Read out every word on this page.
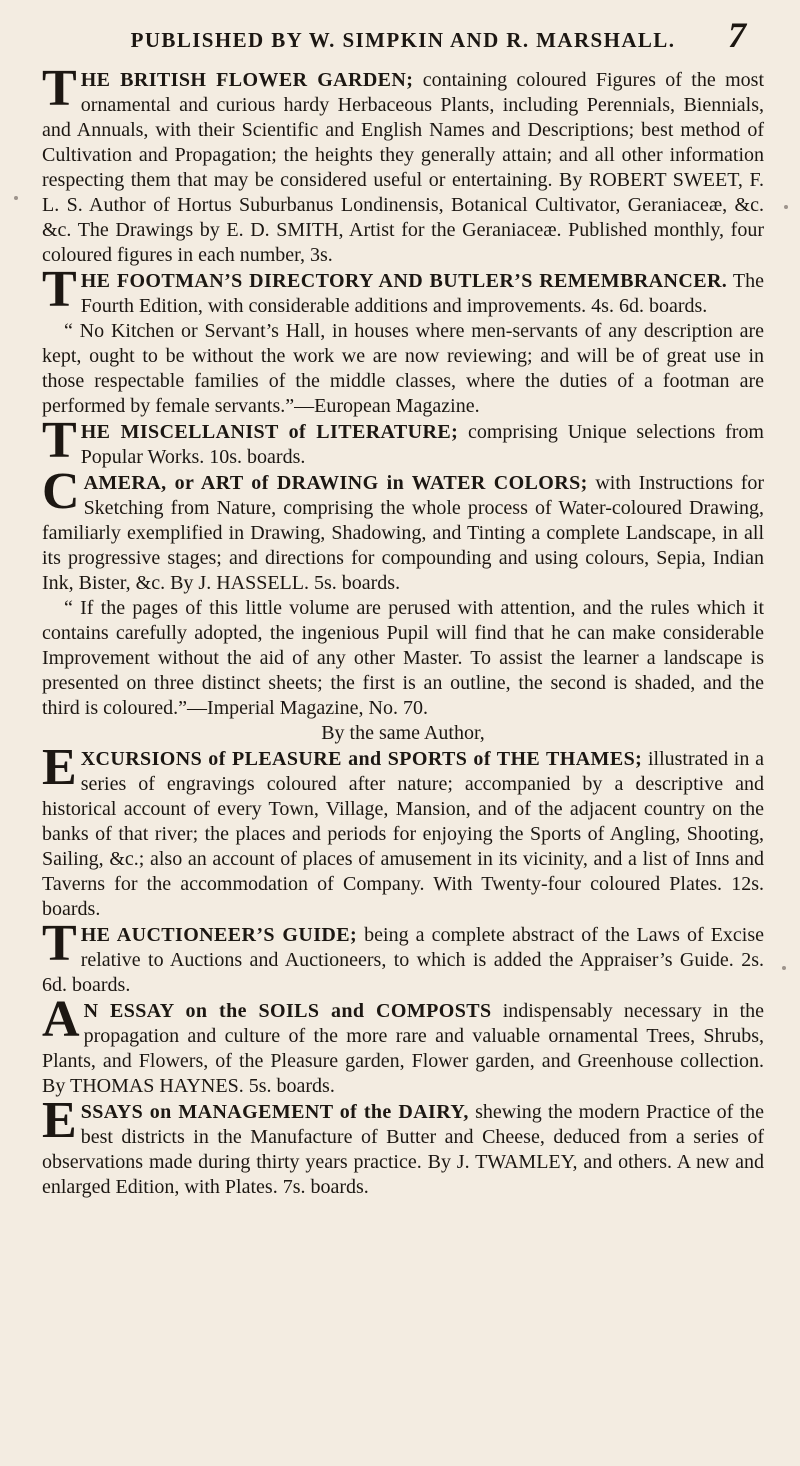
PUBLISHED BY W. SIMPKIN AND R. MARSHALL.	7

T HE BRITISH FLOWER GARDEN; containing coloured Figures of the most ornamental and curious hardy Herbaceous Plants, including Perennials, Biennials, and Annuals, with their Scientific and English Names and Descriptions; best method of Cultivation and Propagation; the heights they generally attain; and all other information respecting them that may be considered useful or entertaining. By ROBERT SWEET, F. L. S. Author of Hortus Suburbanus Londinensis, Botanical Cultivator, Geraniaceæ, &c. &c. The Drawings by E. D. SMITH, Artist for the Geraniaceæ. Published monthly, four coloured figures in each number, 3s.

T HE FOOTMAN’S DIRECTORY AND BUTLER’S REMEMBRANCER. The Fourth Edition, with considerable additions and improvements. 4s. 6d. boards.

“ No Kitchen or Servant’s Hall, in houses where men-servants of any description are kept, ought to be without the work we are now reviewing; and will be of great use in those respectable families of the middle classes, where the duties of a footman are performed by female servants.”—European Magazine.

T HE MISCELLANIST of LITERATURE; comprising Unique selections from Popular Works. 10s. boards.

C AMERA, or ART of DRAWING in WATER COLORS; with Instructions for Sketching from Nature, comprising the whole process of Water-coloured Drawing, familiarly exemplified in Drawing, Shadowing, and Tinting a complete Landscape, in all its progressive stages; and directions for compounding and using colours, Sepia, Indian Ink, Bister, &c. By J. HASSELL. 5s. boards.

“ If the pages of this little volume are perused with attention, and the rules which it contains carefully adopted, the ingenious Pupil will find that he can make considerable Improvement without the aid of any other Master. To assist the learner a landscape is presented on three distinct sheets; the first is an outline, the second is shaded, and the third is coloured.”—Imperial Magazine, No. 70.

By the same Author,

E XCURSIONS of PLEASURE and SPORTS of THE THAMES; illustrated in a series of engravings coloured after nature; accompanied by a descriptive and historical account of every Town, Village, Mansion, and of the adjacent country on the banks of that river; the places and periods for enjoying the Sports of Angling, Shooting, Sailing, &c.; also an account of places of amusement in its vicinity, and a list of Inns and Taverns for the accommodation of Company. With Twenty-four coloured Plates. 12s. boards.

T HE AUCTIONEER’S GUIDE; being a complete abstract of the Laws of Excise relative to Auctions and Auctioneers, to which is added the Appraiser’s Guide. 2s. 6d. boards.

A N ESSAY on the SOILS and COMPOSTS indispensably necessary in the propagation and culture of the more rare and valuable ornamental Trees, Shrubs, Plants, and Flowers, of the Pleasure garden, Flower garden, and Greenhouse collection. By THOMAS HAYNES. 5s. boards.

E SSAYS on MANAGEMENT of the DAIRY, shewing the modern Practice of the best districts in the Manufacture of Butter and Cheese, deduced from a series of observations made during thirty years practice. By J. TWAMLEY, and others. A new and enlarged Edition, with Plates. 7s. boards.
